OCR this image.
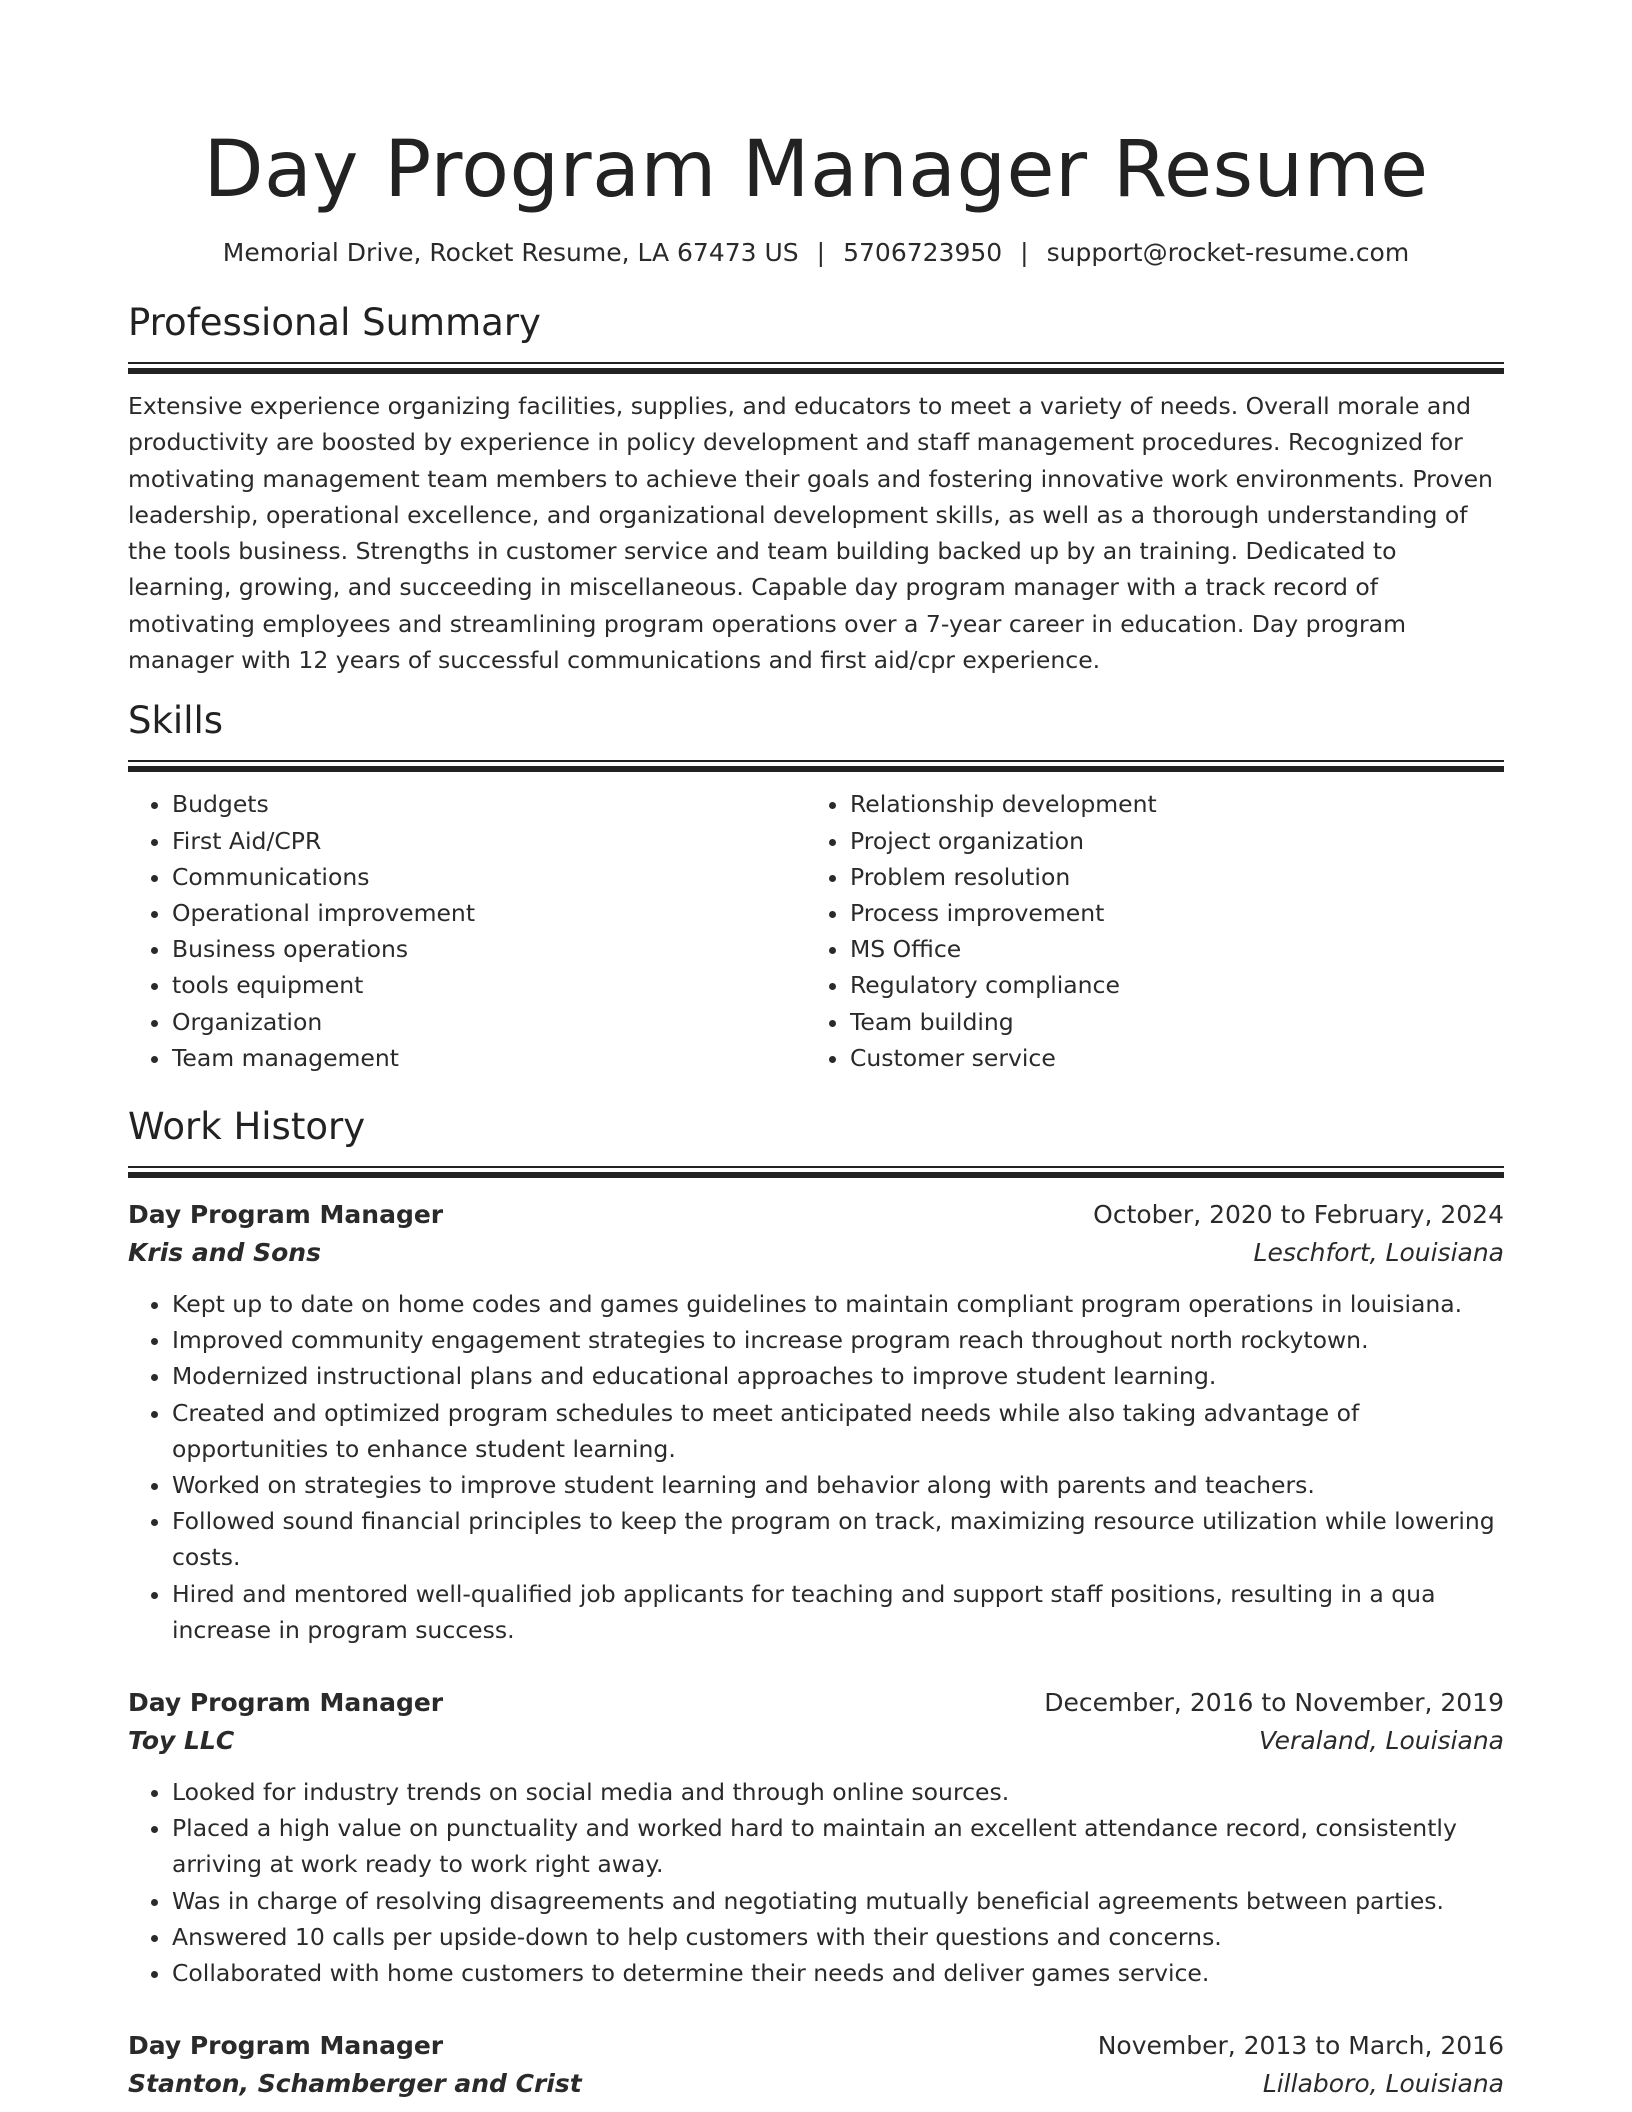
Day Program Manager Resume
Memorial Drive, Rocket Resume, LA 67473 US | 5706723950 | support@rocket-resume.com
Professional Summary

Extensive experience organizing facilities, supplies, and educators to meet a variety of needs. Overall morale and productivity are boosted by experience in policy development and staff management procedures. Recognized for motivating management team members to achieve their goals and fostering innovative work environments. Proven leadership, operational excellence, and organizational development skills, as well as a thorough understanding of the tools business. Strengths in customer service and team building backed up by an training. Dedicated to learning, growing, and succeeding in miscellaneous. Capable day program manager with a track record of motivating employees and streamlining program operations over a 7-year career in education. Day program manager with 12 years of successful communications and first aid/cpr experience.

Skills
• Budgets
• First Aid/CPR
• Communications
• Operational improvement
• Business operations
• tools equipment
• Organization
• Team management
• Relationship development
• Project organization
• Problem resolution
• Process improvement
• MS Office
• Regulatory compliance
• Team building
• Customer service
Work History
Day Program Manager	October, 2020 to February, 2024
Kris and Sons	Leschfort, Louisiana
• Kept up to date on home codes and games guidelines to maintain compliant program operations in louisiana.
• Improved community engagement strategies to increase program reach throughout north rockytown.
• Modernized instructional plans and educational approaches to improve student learning.
• Created and optimized program schedules to meet anticipated needs while also taking advantage of opportunities to enhance student learning.
• Worked on strategies to improve student learning and behavior along with parents and teachers.
• Followed sound financial principles to keep the program on track, maximizing resource utilization while lowering costs.
• Hired and mentored well-qualified job applicants for teaching and support staff positions, resulting in a qua increase in program success.
Day Program Manager	December, 2016 to November, 2019
Toy LLC	Veraland, Louisiana
• Looked for industry trends on social media and through online sources.
• Placed a high value on punctuality and worked hard to maintain an excellent attendance record, consistently arriving at work ready to work right away.
• Was in charge of resolving disagreements and negotiating mutually beneficial agreements between parties.
• Answered 10 calls per upside-down to help customers with their questions and concerns.
• Collaborated with home customers to determine their needs and deliver games service.
Day Program Manager	November, 2013 to March, 2016
Stanton, Schamberger and Crist	Lillaboro, Louisiana
